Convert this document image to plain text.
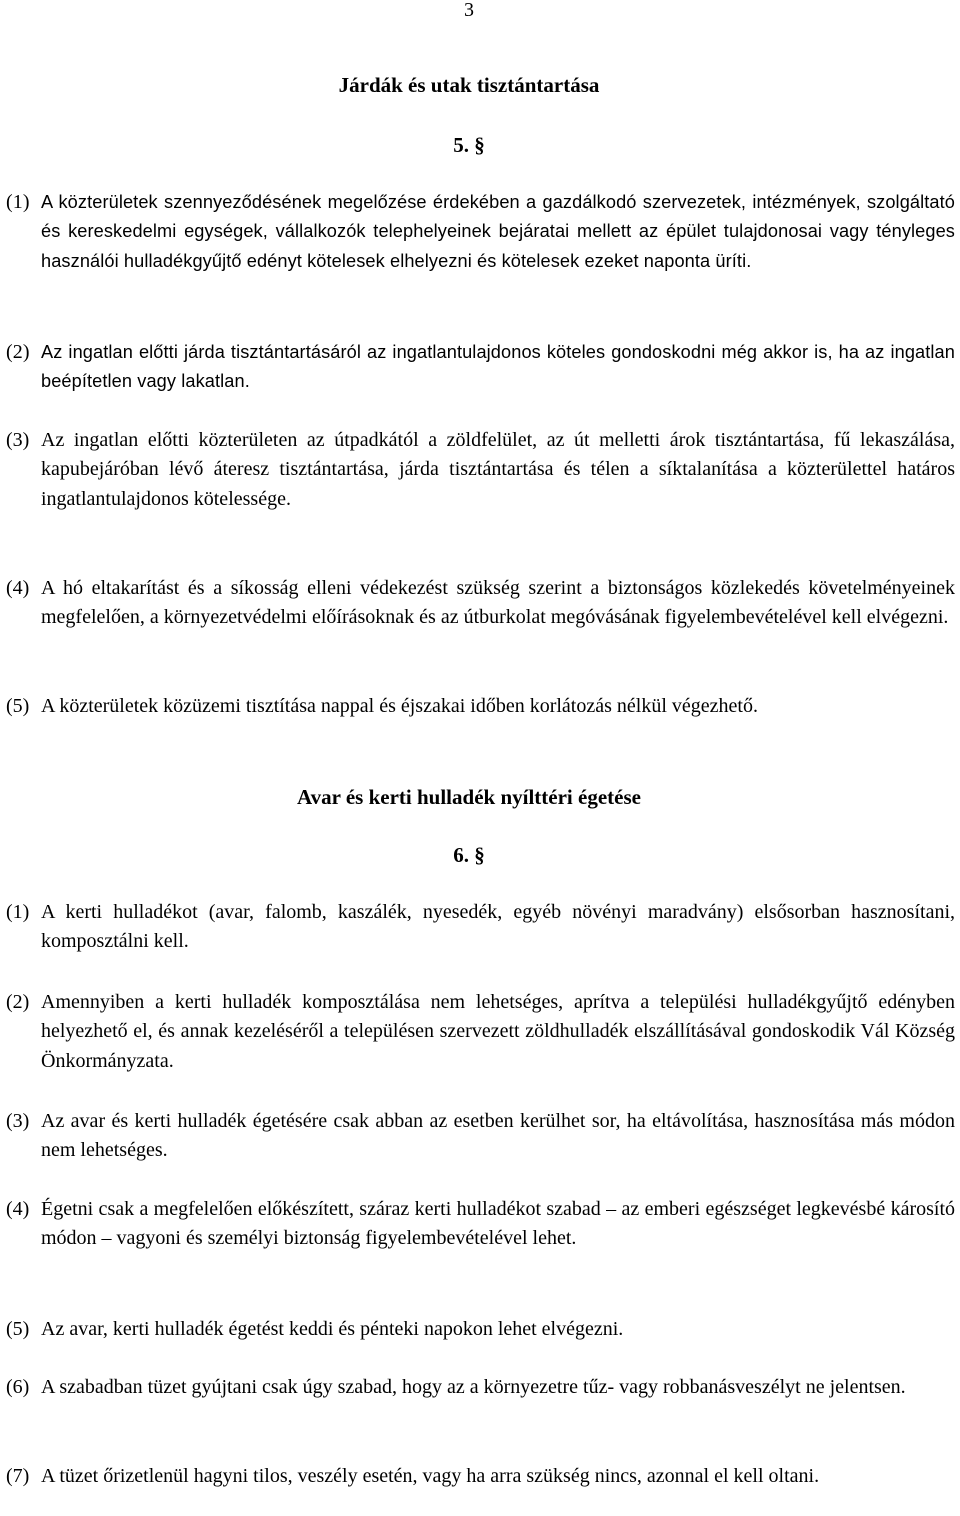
3
Járdák és utak tisztántartása
5. §
(1) A közterületek szennyeződésének megelőzése érdekében a gazdálkodó szervezetek, intézmények, szolgáltató és kereskedelmi egységek, vállalkozók telephelyeinek bejáratai mellett az épület tulajdonosai vagy tényleges használói hulladékgyűjtő edényt kötelesek elhelyezni és kötelesek ezeket naponta üríti.
(2) Az ingatlan előtti járda tisztántartásáról az ingatlantulajdonos köteles gondoskodni még akkor is, ha az ingatlan beépítetlen vagy lakatlan.
(3) Az ingatlan előtti közterületen az útpadkától a zöldfelület, az út melletti árok tisztántartása, fű lekaszálása, kapubejáróban lévő áteresz tisztántartása, járda tisztántartása és télen a síktalanítása a közterülettel határos ingatlantulajdonos kötelessége.
(4) A hó eltakarítást és a síkosság elleni védekezést szükség szerint a biztonságos közlekedés követelményeinek megfelelően, a környezetvédelmi előírásoknak és az útburkolat megóvásának figyelembevételével kell elvégezni.
(5) A közterületek közüzemi tisztítása nappal és éjszakai időben korlátozás nélkül végezhető.
Avar és kerti hulladék nyílttéri égetése
6. §
(1) A kerti hulladékot (avar, falomb, kaszálék, nyesedék, egyéb növényi maradvány) elsősorban hasznosítani, komposztálni kell.
(2) Amennyiben a kerti hulladék komposztálása nem lehetséges, aprítva a települési hulladékgyűjtő edényben helyezhető el, és annak kezeléséről a településen szervezett zöldhulladék elszállításával gondoskodik Vál Község Önkormányzata.
(3) Az avar és kerti hulladék égetésére csak abban az esetben kerülhet sor, ha eltávolítása, hasznosítása más módon nem lehetséges.
(4) Égetni csak a megfelelően előkészített, száraz kerti hulladékot szabad – az emberi egészséget legkevésbé károsító módon – vagyoni és személyi biztonság figyelembevételével lehet.
(5) Az avar, kerti hulladék égetést keddi és pénteki napokon lehet elvégezni.
(6) A szabadban tüzet gyújtani csak úgy szabad, hogy az a környezetre tűz- vagy robbanásveszélyt ne jelentsen.
(7) A tüzet őrizetlenül hagyni tilos, veszély esetén, vagy ha arra szükség nincs, azonnal el kell oltani.
